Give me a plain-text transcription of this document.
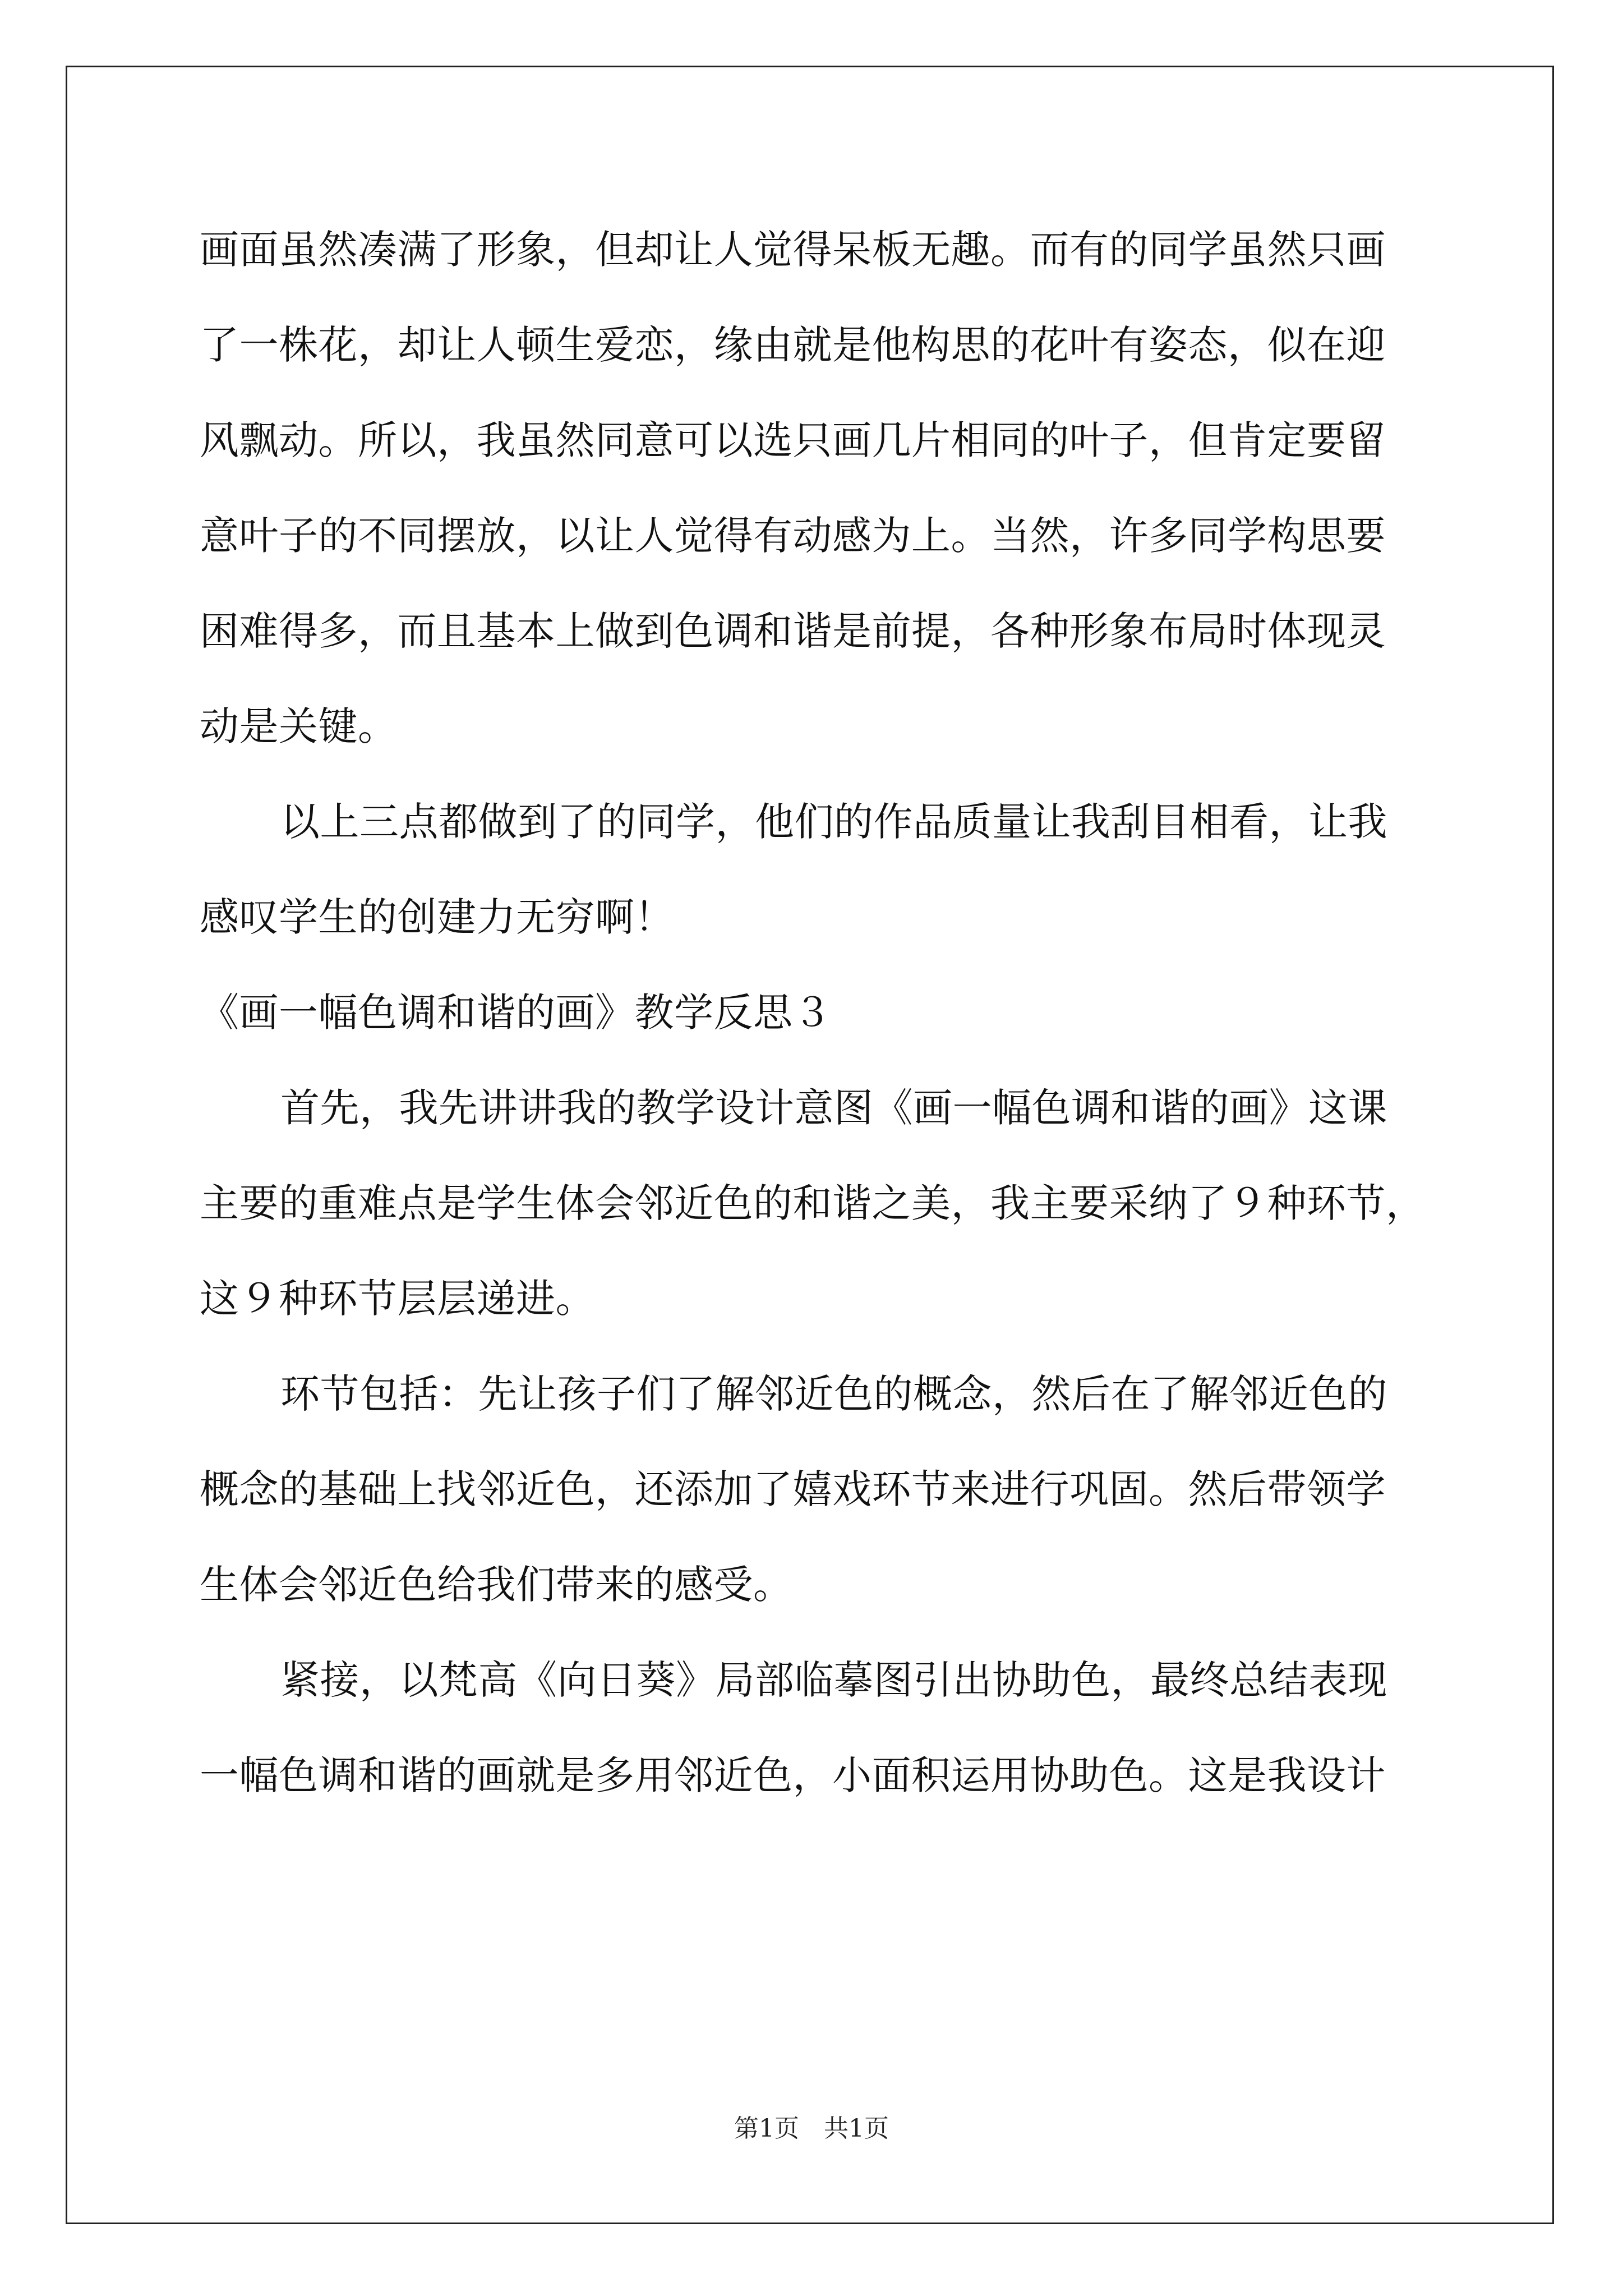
画面虽然凑满了形象，但却让人觉得呆板无趣。而有的同学虽然只画
了一株花，却让人顿生爱恋，缘由就是他构思的花叶有姿态，似在迎
风飘动。所以，我虽然同意可以选只画几片相同的叶子，但肯定要留
意叶子的不同摆放，以让人觉得有动感为上。当然，许多同学构思要
困难得多，而且基本上做到色调和谐是前提，各种形象布局时体现灵
动是关键。
以上三点都做到了的同学，他们的作品质量让我刮目相看，让我
感叹学生的创建力无穷啊！
《画一幅色调和谐的画》教学反思３
首先，我先讲讲我的教学设计意图《画一幅色调和谐的画》这课
主要的重难点是学生体会邻近色的和谐之美，我主要采纳了９种环节，
这９种环节层层递进。
环节包括：先让孩子们了解邻近色的概念，然后在了解邻近色的
概念的基础上找邻近色，还添加了嬉戏环节来进行巩固。然后带领学
生体会邻近色给我们带来的感受。
紧接，以梵高《向日葵》局部临摹图引出协助色，最终总结表现
一幅色调和谐的画就是多用邻近色，小面积运用协助色。这是我设计
第1页　共1页
